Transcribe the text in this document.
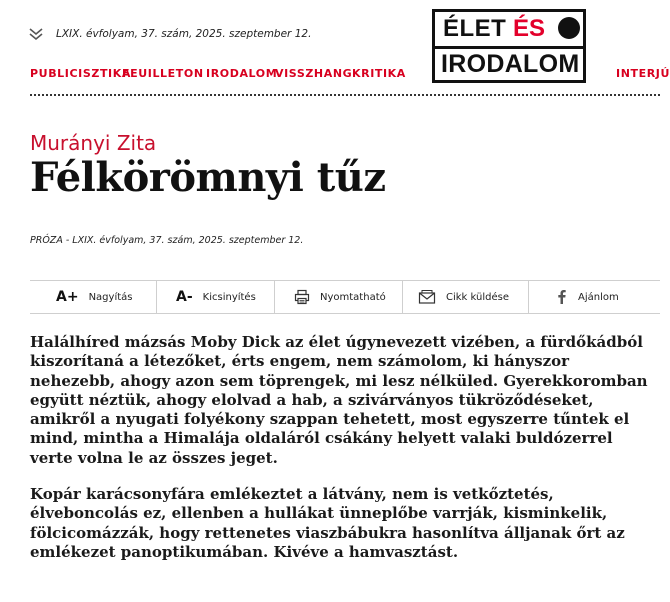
LXIX. évfolyam, 37. szám, 2025. szeptember 12.	ÉLET ÉS
IRODALOM
PUBLICISZTIKA
FEUILLETON IRODALOM
VISSZHANG KRITIKA	INTERJÚ
Murányi Zita
Félkörömnyi tűz
PRÓZA - LXIX. évfolyam, 37. szám, 2025. szeptember 12.
A+ Nagyítás	A- Kicsinyítés	Nyomtatható	Cikk küldése	Ajánlom

Halálhíred mázsás Moby Dick az élet úgynevezett vizében, a fürdőkádból kiszorítaná a létezőket, érts engem, nem számolom, ki hányszor nehezebb, ahogy azon sem töprengek, mi lesz nélküled. Gyerekkoromban együtt néztük, ahogy elolvad a hab, a szivárványos tükröződéseket, amikről a nyugati folyékony szappan tehetett, most egyszerre tűntek el mind, mintha a Himalája oldaláról csákány helyett valaki buldózerrel verte volna le az összes jeget.

Kopár karácsonyfára emlékeztet a látvány, nem is vetkőztetés, élveboncolás ez, ellenben a hullákat ünneplőbe varrják, kisminkelik, fölcicomázzák, hogy rettenetes viaszbábukra hasonlítva álljanak őrt az emlékezet panoptikumában. Kivéve a hamvasztást.
